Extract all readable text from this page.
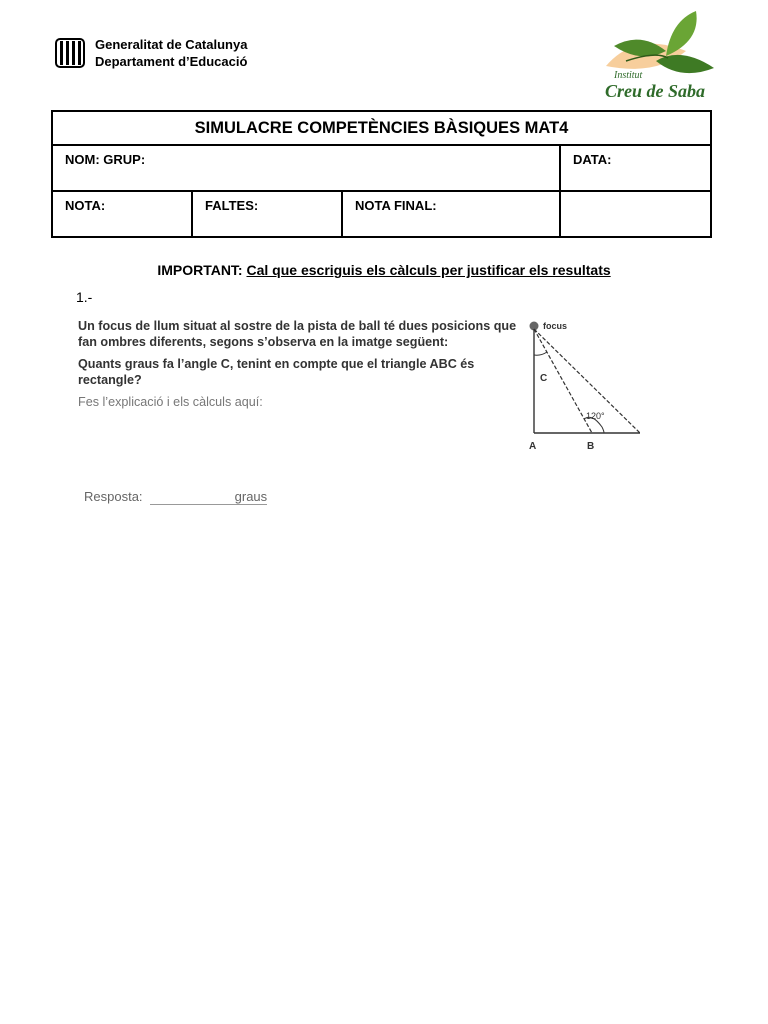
Generalitat de Catalunya
Departament d’Educació
Institut
Creu de Saba
SIMULACRE COMPETÈNCIES BÀSIQUES MAT4			
NOM: GRUP:			DATA:
NOTA:	FALTES:	NOTA FINAL:	
IMPORTANT: Cal que escriguis els càlculs per justificar els resultats
1.-

Un focus de llum situat al sostre de la pista de ball té dues posicions que fan ombres diferents, segons s’observa en la imatge següent:

Quants graus fa l’angle C, tenint en compte que el triangle ABC és rectangle?

Fes l’explicació i els càlculs aquí:

focus
C
120°
A	B
Resposta:	graus
